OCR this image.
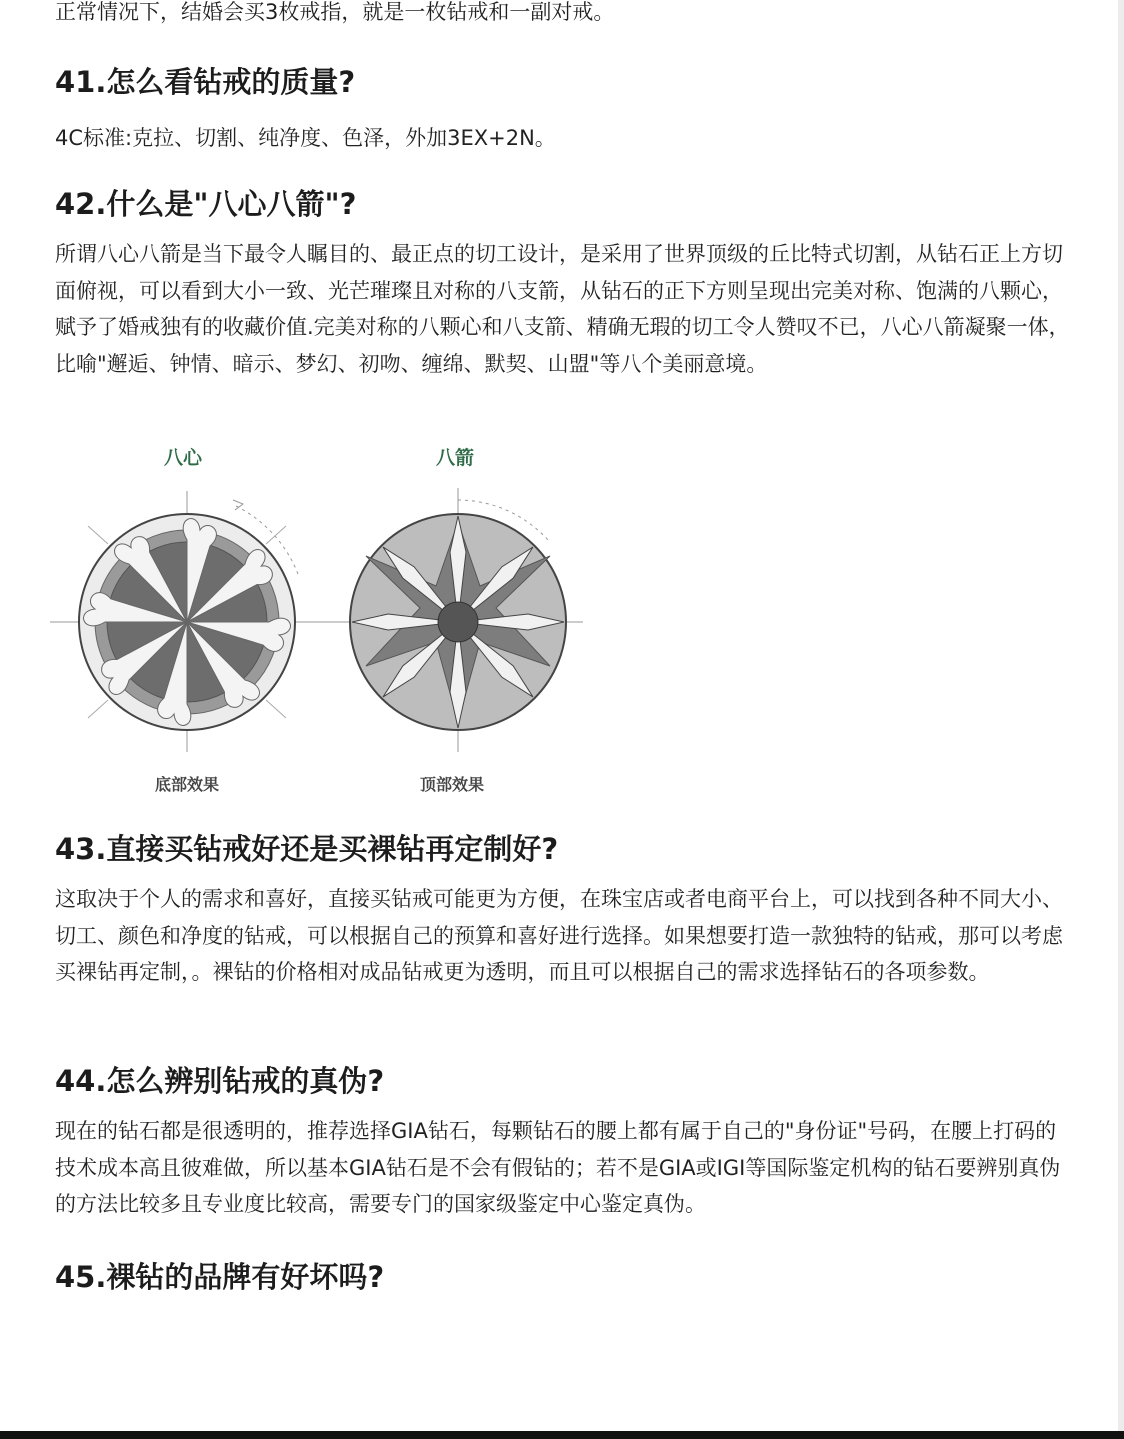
正常情况下，结婚会买3枚戒指，就是一枚钻戒和一副对戒。
41.怎么看钻戒的质量?

4C标准:克拉、切割、纯净度、色泽，外加3EX+2N。

42.什么是"八心八箭"?

所谓八心八箭是当下最令人瞩目的、最正点的切工设计，是采用了世界顶级的丘比特式切割，从钻石正上方切面俯视，可以看到大小一致、光芒璀璨且对称的八支箭，从钻石的正下方则呈现出完美对称、饱满的八颗心，赋予了婚戒独有的收藏价值.完美对称的八颗心和八支箭、精确无瑕的切工令人赞叹不已，八心八箭凝聚一体，比喻"邂逅、钟情、暗示、梦幻、初吻、缠绵、默契、山盟"等八个美丽意境。

八心	八箭
底部效果	顶部效果
43.直接买钻戒好还是买裸钻再定制好?

这取决于个人的需求和喜好，直接买钻戒可能更为方便，在珠宝店或者电商平台上，可以找到各种不同大小、切工、颜色和净度的钻戒，可以根据自己的预算和喜好进行选择。如果想要打造一款独特的钻戒，那可以考虑买裸钻再定制，。裸钻的价格相对成品钻戒更为透明，而且可以根据自己的需求选择钻石的各项参数。

44.怎么辨别钻戒的真伪?

现在的钻石都是很透明的，推荐选择GIA钻石，每颗钻石的腰上都有属于自己的"身份证"号码，在腰上打码的技术成本高且彼难做，所以基本GIA钻石是不会有假钻的；若不是GIA或IGI等国际鉴定机构的钻石要辨别真伪的方法比较多且专业度比较高，需要专门的国家级鉴定中心鉴定真伪。

45.裸钻的品牌有好坏吗?
